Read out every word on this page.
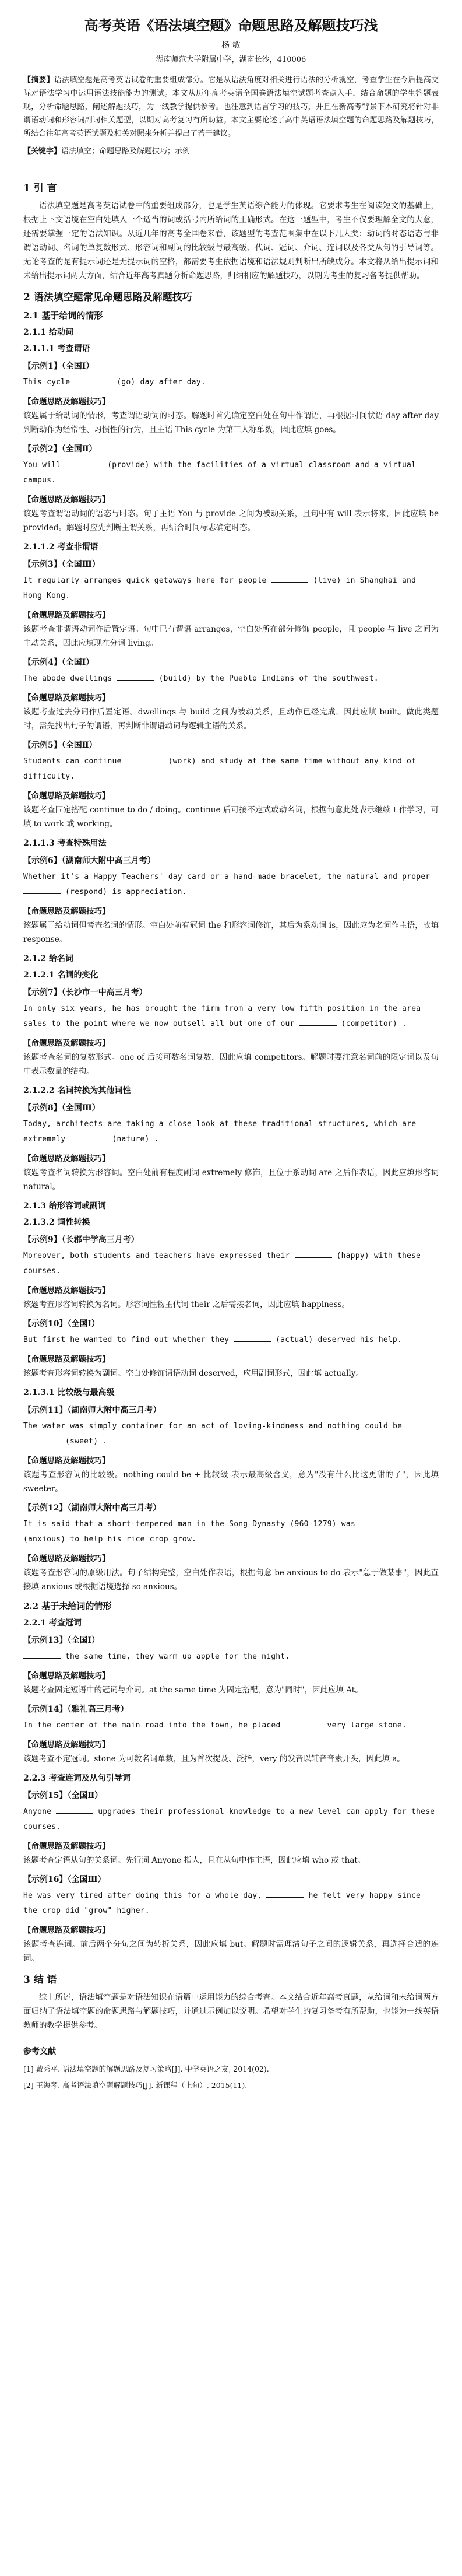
高考英语《语法填空题》命题思路及解题技巧浅
杨 敏
湖南师范大学附属中学，湖南长沙，410006
【摘要】语法填空题是高考英语试卷的重要组成部分。它是从语法角度对相关进行语法的分析就空，考查学生在今后提高交际对语法学习中运用语法技能能力的测试。本文从历年高考英语全国卷语法填空试题考查点入手，结合命题的学生答题表现，分析命题思路，阐述解题技巧，为一线教学提供参考。也注意到语言学习的技巧，并且在新高考背景下本研究将针对非谓语动词和形容词副词相关题型，以期对高考复习有所助益。本文主要论述了高中英语语法填空题的命题思路及解题技巧，所结合往年高考英语试题及相关对照来分析并提出了若干建议。
【关键字】语法填空；命题思路及解题技巧；示例
1 引 言
语法填空题是高考英语试卷中的重要组成部分，也是学生英语综合能力的体现。它要求考生在阅读短文的基础上，根据上下文语境在空白处填入一个适当的词或括号内所给词的正确形式。在这一题型中，考生不仅要理解全文的大意，还需要掌握一定的语法知识。从近几年的高考全国卷来看，该题型的考查范围集中在以下几大类：动词的时态语态与非谓语动词、名词的单复数形式、形容词和副词的比较级与最高级、代词、冠词、介词、连词以及各类从句的引导词等。无论考查的是有提示词还是无提示词的空格，都需要考生依据语境和语法规则判断出所缺成分。本文将从给出提示词和未给出提示词两大方面，结合近年高考真题分析命题思路，归纳相应的解题技巧，以期为考生的复习备考提供帮助。
2 语法填空题常见命题思路及解题技巧
2.1 基于给词的情形
2.1.1 给动词
2.1.1.1 考查谓语
【示例1】（全国Ⅰ）
This cycle	(go) day after day.
【命题思路及解题技巧】
该题属于给动词的情形，考查谓语动词的时态。解题时首先确定空白处在句中作谓语，再根据时间状语 day after day 判断动作为经常性、习惯性的行为，且主语 This cycle 为第三人称单数，因此应填 goes。
【示例2】（全国Ⅱ）
You will	(provide) with the facilities of a virtual classroom and a virtual campus.
【命题思路及解题技巧】
该题考查谓语动词的语态与时态。句子主语 You 与 provide 之间为被动关系，且句中有 will 表示将来，因此应填 be provided。解题时应先判断主谓关系，再结合时间标志确定时态。
2.1.1.2 考查非谓语
【示例3】（全国Ⅲ）
It regularly arranges quick getaways here for people	(live) in Shanghai and Hong Kong.
【命题思路及解题技巧】
该题考查非谓语动词作后置定语。句中已有谓语 arranges，空白处所在部分修饰 people，且 people 与 live 之间为主动关系，因此应填现在分词 living。
【示例4】（全国Ⅰ）
The abode dwellings	(build) by the Pueblo Indians of the southwest.
【命题思路及解题技巧】
该题考查过去分词作后置定语。dwellings 与 build 之间为被动关系，且动作已经完成，因此应填 built。做此类题时，需先找出句子的谓语，再判断非谓语动词与逻辑主语的关系。
【示例5】（全国Ⅱ）
Students can continue	(work) and study at the same time without any kind of difficulty.
【命题思路及解题技巧】
该题考查固定搭配 continue to do / doing。continue 后可接不定式或动名词，根据句意此处表示继续工作学习，可填 to work 或 working。
2.1.1.3 考查特殊用法
【示例6】（湖南师大附中高三月考）
Whether it's a Happy Teachers' day card or a hand-made bracelet, the natural and proper  (respond) is appreciation.
【命题思路及解题技巧】
该题属于给动词但考查名词的情形。空白处前有冠词 the 和形容词修饰，其后为系动词 is，因此应为名词作主语，故填 response。
2.1.2 给名词
2.1.2.1 名词的变化
【示例7】（长沙市一中高三月考）
In only six years, he has brought the firm from a very low fifth position in the area sales to the point where we now outsell all but one of our	(competitor) .
【命题思路及解题技巧】
该题考查名词的复数形式。one of 后接可数名词复数，因此应填 competitors。解题时要注意名词前的限定词以及句中表示数量的结构。
2.1.2.2 名词转换为其他词性
【示例8】（全国Ⅲ）
Today, architects are taking a close look at these traditional structures, which are extremely	(nature) .
【命题思路及解题技巧】
该题考查名词转换为形容词。空白处前有程度副词 extremely 修饰，且位于系动词 are 之后作表语，因此应填形容词 natural。
2.1.3 给形容词或副词
2.1.3.2 词性转换
【示例9】（长郡中学高三月考）
Moreover, both students and teachers have expressed their	(happy) with these courses.
【命题思路及解题技巧】
该题考查形容词转换为名词。形容词性物主代词 their 之后需接名词，因此应填 happiness。
【示例10】（全国Ⅰ）
But first he wanted to find out whether they	(actual) deserved his help.
【命题思路及解题技巧】
该题考查形容词转换为副词。空白处修饰谓语动词 deserved，应用副词形式，因此填 actually。
2.1.3.1 比较级与最高级
【示例11】（湖南师大附中高三月考）
The water was simply container for an act of loving-kindness and nothing could be  (sweet) .
【命题思路及解题技巧】
该题考查形容词的比较级。nothing could be + 比较级 表示最高级含义，意为"没有什么比这更甜的了"，因此填 sweeter。
【示例12】（湖南师大附中高三月考）
It is said that a short-tempered man in the Song Dynasty (960-1279) was  (anxious) to help his rice crop grow.
【命题思路及解题技巧】
该题考查形容词的原级用法。句子结构完整，空白处作表语，根据句意 be anxious to do 表示"急于做某事"，因此直接填 anxious 或根据语境选择 so anxious。
2.2 基于未给词的情形
2.2.1 考查冠词
【示例13】（全国Ⅰ）
the same time, they warm up apple for the night.
【命题思路及解题技巧】
该题考查固定短语中的冠词与介词。at the same time 为固定搭配，意为"同时"，因此应填 At。
【示例14】（雅礼高三月考）
In the center of the main road into the town, he placed	very large stone.
【命题思路及解题技巧】
该题考查不定冠词。stone 为可数名词单数，且为首次提及、泛指，very 的发音以辅音音素开头，因此填 a。
2.2.3 考查连词及从句引导词
【示例15】（全国Ⅱ）
Anyone	upgrades their professional knowledge to a new level can apply for these courses.
【命题思路及解题技巧】
该题考查定语从句的关系词。先行词 Anyone 指人，且在从句中作主语，因此应填 who 或 that。
【示例16】（全国Ⅲ）
He was very tired after doing this for a whole day,	he felt very happy since the crop did "grow" higher.
【命题思路及解题技巧】
该题考查连词。前后两个分句之间为转折关系，因此应填 but。解题时需理清句子之间的逻辑关系，再选择合适的连词。
3 结 语
综上所述，语法填空题是对语法知识在语篇中运用能力的综合考查。本文结合近年高考真题，从给词和未给词两方面归纳了语法填空题的命题思路与解题技巧，并通过示例加以说明。希望对学生的复习备考有所帮助，也能为一线英语教师的教学提供参考。
参考文献
[1] 戴秀平. 语法填空题的解题思路及复习策略[J]. 中学英语之友, 2014(02).
[2] 王海琴. 高考语法填空题解题技巧[J]. 新课程（上旬）, 2015(11).
